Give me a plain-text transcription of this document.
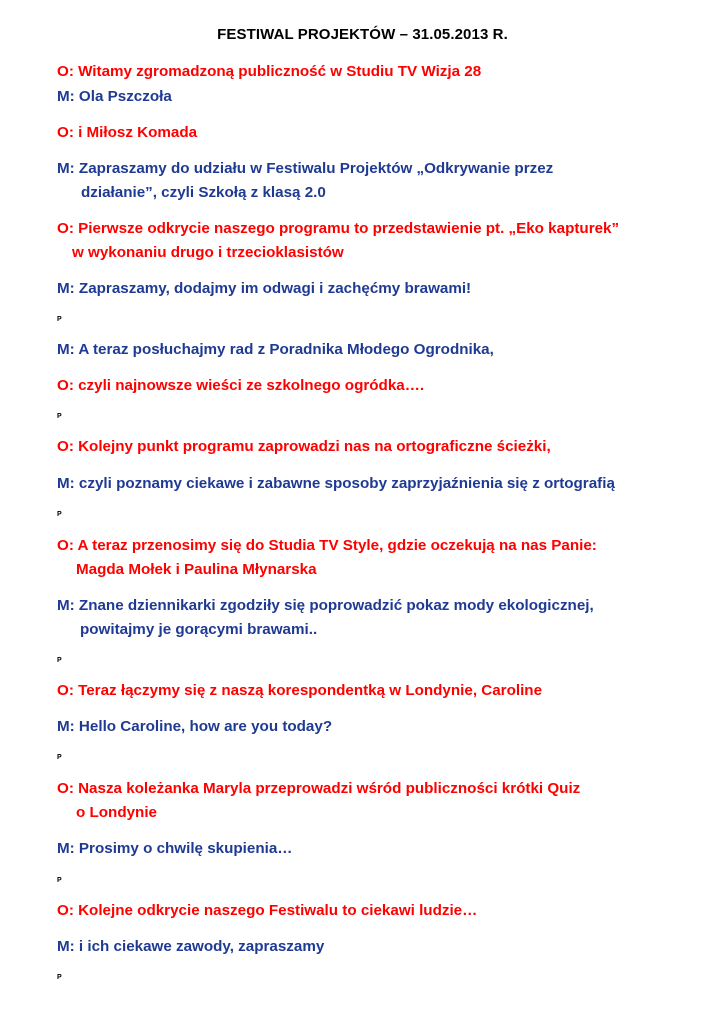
FESTIWAL PROJEKTÓW – 31.05.2013 R.
O: Witamy zgromadzoną publiczność w Studiu TV Wizja 28
M: Ola Pszczoła
O: i Miłosz Komada
M: Zapraszamy do udziału w Festiwalu Projektów „Odkrywanie przez
działanie”, czyli Szkołą z klasą 2.0
O: Pierwsze odkrycie naszego programu to przedstawienie pt. „Eko kapturek”
w wykonaniu drugo i trzecioklasistów
M: Zapraszamy, dodajmy im odwagi i zachęćmy brawami!
P
M: A teraz posłuchajmy rad z Poradnika Młodego Ogrodnika,
O: czyli najnowsze wieści ze szkolnego ogródka….
P
O: Kolejny punkt programu zaprowadzi nas na ortograficzne ścieżki,
M: czyli poznamy ciekawe i zabawne sposoby zaprzyjaźnienia się z ortografią
P
O: A teraz przenosimy się do Studia TV Style, gdzie oczekują na nas Panie:
Magda Mołek i Paulina Młynarska
M: Znane dziennikarki zgodziły się poprowadzić pokaz mody ekologicznej,
powitajmy je gorącymi brawami..
P
O: Teraz łączymy się z naszą korespondentką w Londynie, Caroline
M: Hello Caroline, how are you today?
P
O: Nasza koleżanka Maryla przeprowadzi wśród publiczności krótki Quiz
o Londynie
M: Prosimy o chwilę skupienia…
P
O: Kolejne odkrycie naszego Festiwalu to ciekawi ludzie…
M: i ich ciekawe zawody, zapraszamy
P
